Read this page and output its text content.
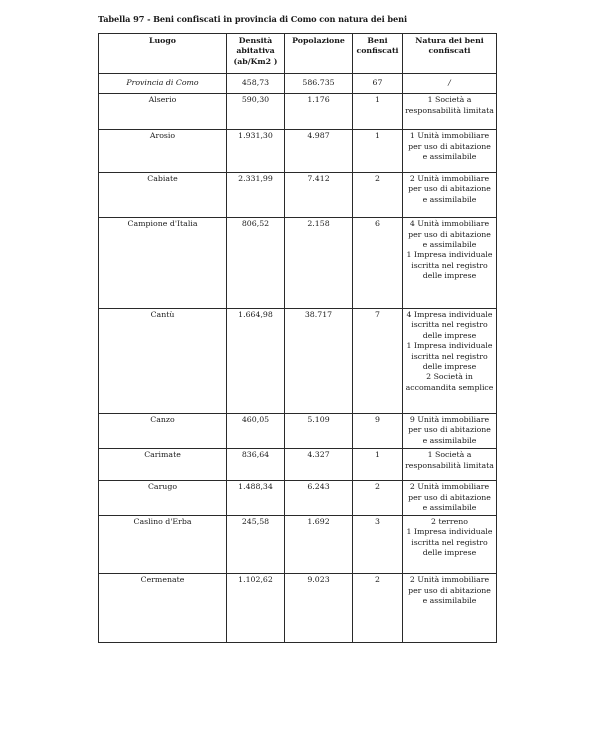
Tabella 97 - Beni confiscati in provincia di Como con natura dei beni
Luogo	Densità abitativa (ab/Km2 )	Popolazione	Beni confiscati	Natura dei beni confiscati
Provincia di Como	458,73	586.735	67	/
Alserio	590,30	1.176	1	1 Società a responsabilità limitata

Arosio	1.931,30	4.987	1	1 Unità immobiliare per uso di abitazione e assimilabile

Cabiate	2.331,99	7.412	2	2 Unità immobiliare per uso di abitazione e assimilabile

Campione d'Italia	806,52	2.158	6	4 Unità immobiliare per uso di abitazione e assimilabile
1 Impresa individuale iscritta nel registro delle imprese

Cantù	1.664,98	38.717	7	4 Impresa individuale iscritta nel registro delle imprese
1 Impresa individuale iscritta nel registro delle imprese
2 Società in accomandita semplice

Canzo	460,05	5.109	9	9 Unità immobiliare per uso di abitazione e assimilabile

Carimate	836,64	4.327	1	1 Società a responsabilità limitata

Carugo	1.488,34	6.243	2	2 Unità immobiliare per uso di abitazione e assimilabile

Caslino d'Erba	245,58	1.692	3	2 terreno
1 Impresa individuale iscritta nel registro delle imprese

Cermenate	1.102,62	9.023	2	2 Unità immobiliare per uso di abitazione e assimilabile
